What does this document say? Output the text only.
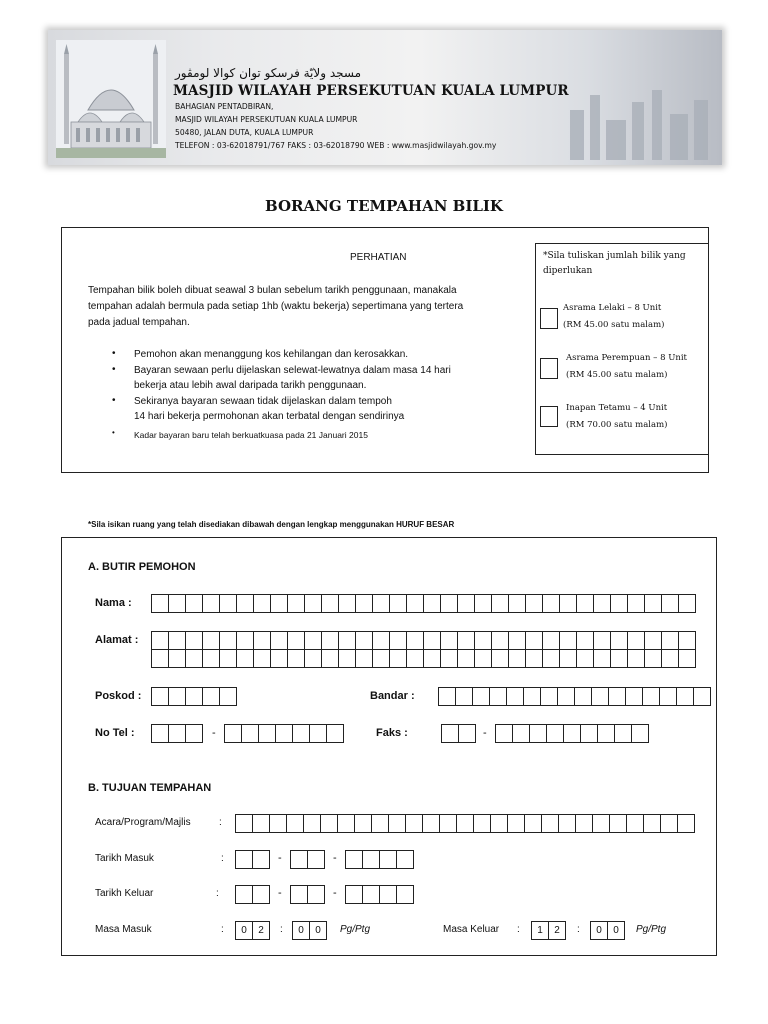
مسجد ولايّة فرسكو توان كوالا لومڤور
MASJID WILAYAH PERSEKUTUAN KUALA LUMPUR
BAHAGIAN PENTADBIRAN,
MASJID WILAYAH PERSEKUTUAN KUALA LUMPUR
50480, JALAN DUTA, KUALA LUMPUR
TELEFON : 03-62018791/767 FAKS : 03-62018790 WEB : www.masjidwilayah.gov.my
BORANG TEMPAHAN BILIK
PERHATIAN
Tempahan bilik boleh dibuat seawal 3 bulan sebelum tarikh penggunaan, manakala
tempahan adalah bermula pada setiap 1hb (waktu bekerja) sepertimana yang tertera
pada jadual tempahan.
• Pemohon akan menanggung kos kehilangan dan kerosakkan.
• Bayaran sewaan perlu dijelaskan selewat-lewatnya dalam masa 14 hari
bekerja atau lebih awal daripada tarikh penggunaan.
• Sekiranya bayaran sewaan tidak dijelaskan dalam tempoh
14 hari bekerja permohonan akan terbatal dengan sendirinya
• Kadar bayaran baru telah berkuatkuasa pada 21 Januari 2015
*Sila tuliskan jumlah bilik yang
diperlukan
Asrama Lelaki – 8 Unit
(RM 45.00 satu malam)
Asrama Perempuan – 8 Unit
(RM 45.00 satu malam)
Inapan Tetamu – 4 Unit
(RM 70.00 satu malam)
*Sila isikan ruang yang telah disediakan dibawah dengan lengkap menggunakan HURUF BESAR
A. BUTIR PEMOHON
Nama :
Alamat :
Poskod :	Bandar :
No Tel :	-	Faks :	-
B. TUJUAN TEMPAHAN
Acara/Program/Majlis	:
Tarikh Masuk	:	-	-
Tarikh Keluar	:	-	-
Masa Masuk	:	0	2	:	0	0	Pg/Ptg	Masa Keluar :	1	2	:	0	0	Pg/Ptg
